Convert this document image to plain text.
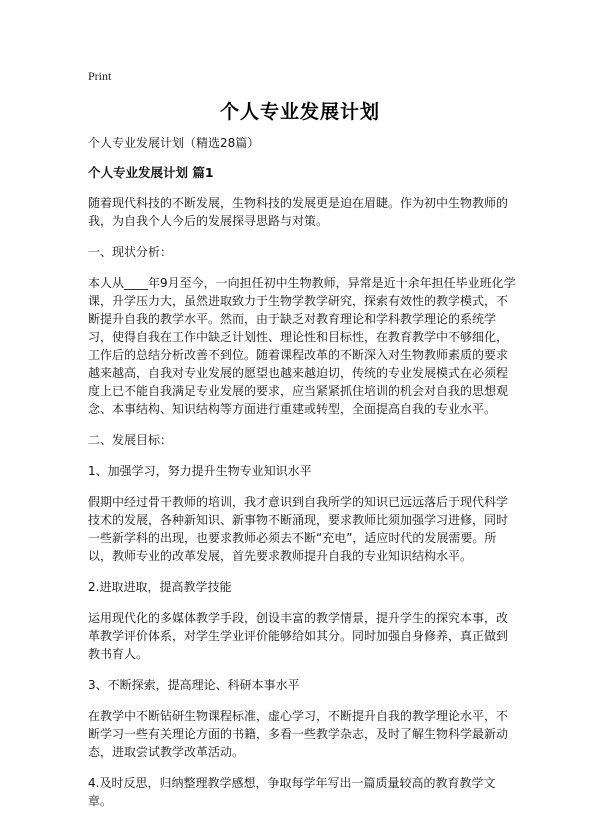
Print
个人专业发展计划

个人专业发展计划（精选28篇）

个人专业发展计划 篇1

随着现代科技的不断发展，生物科技的发展更是迫在眉睫。作为初中生物教师的我，为自我个人今后的发展探寻思路与对策。

一、现状分析：

本人从____年9月至今，一向担任初中生物教师，异常是近十余年担任毕业班化学课，升学压力大，虽然进取致力于生物学教学研究，探索有效性的教学模式，不断提升自我的教学水平。然而，由于缺乏对教育理论和学科教学理论的系统学习，使得自我在工作中缺乏计划性、理论性和目标性，在教育教学中不够细化，工作后的总结分析改善不到位。随着课程改革的不断深入对生物教师素质的要求越来越高，自我对专业发展的愿望也越来越迫切，传统的专业发展模式在必须程度上已不能自我满足专业发展的要求，应当紧紧抓住培训的机会对自我的思想观念、本事结构、知识结构等方面进行重建或转型，全面提高自我的专业水平。

二、发展目标：

1、加强学习，努力提升生物专业知识水平

假期中经过骨干教师的培训，我才意识到自我所学的知识已远远落后于现代科学技术的发展，各种新知识、新事物不断涌现，要求教师比须加强学习进修，同时一些新学科的出现，也要求教师必须去不断“充电”，适应时代的发展需要。所以，教师专业的改革发展，首先要求教师提升自我的专业知识结构水平。

2.进取进取，提高教学技能

运用现代化的多媒体教学手段，创设丰富的教学情景，提升学生的探究本事，改革教学评价体系，对学生学业评价能够给如其分。同时加强自身修养，真正做到教书育人。

3、不断探索，提高理论、科研本事水平

在教学中不断钻研生物课程标准，虚心学习，不断提升自我的教学理论水平，不断学习一些有关理论方面的书籍，多看一些教学杂志，及时了解生物科学最新动态，进取尝试教学改革活动。

4.及时反思，归纳整理教学感想，争取每学年写出一篇质量较高的教育教学文章。
